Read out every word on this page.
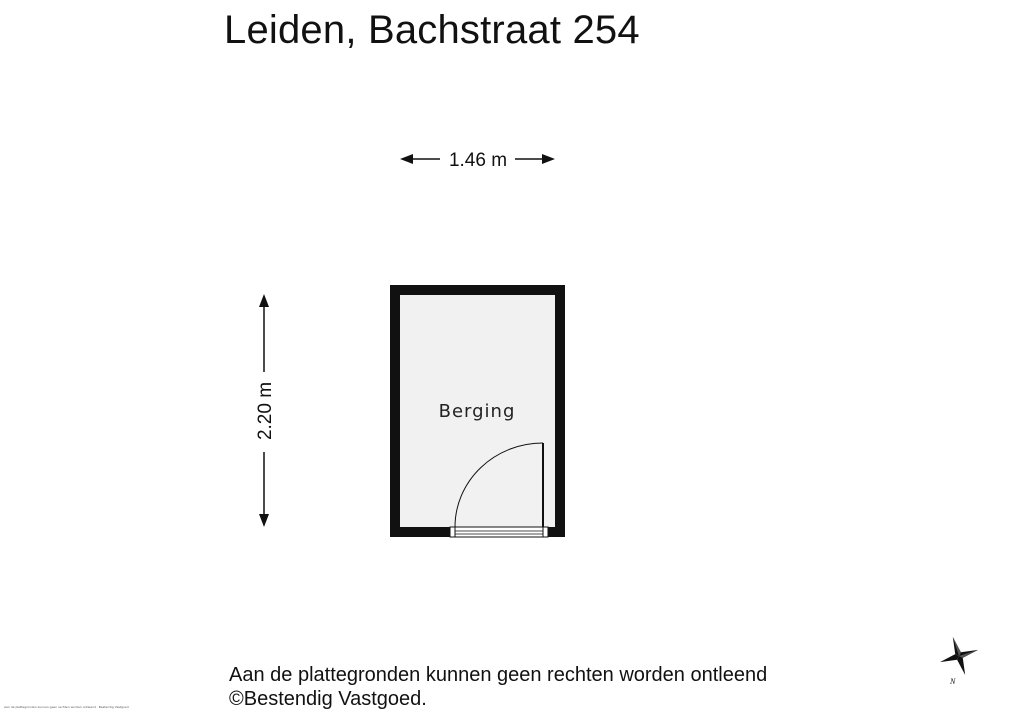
Leiden, Bachstraat 254
1.46 m
2.20 m	Berging
N
Aan de plattegronden kunnen geen rechten worden ontleend
©Bestendig Vastgoed.
Aan de plattegronden kunnen geen rechten worden ontleend · Bestendig Vastgoed
